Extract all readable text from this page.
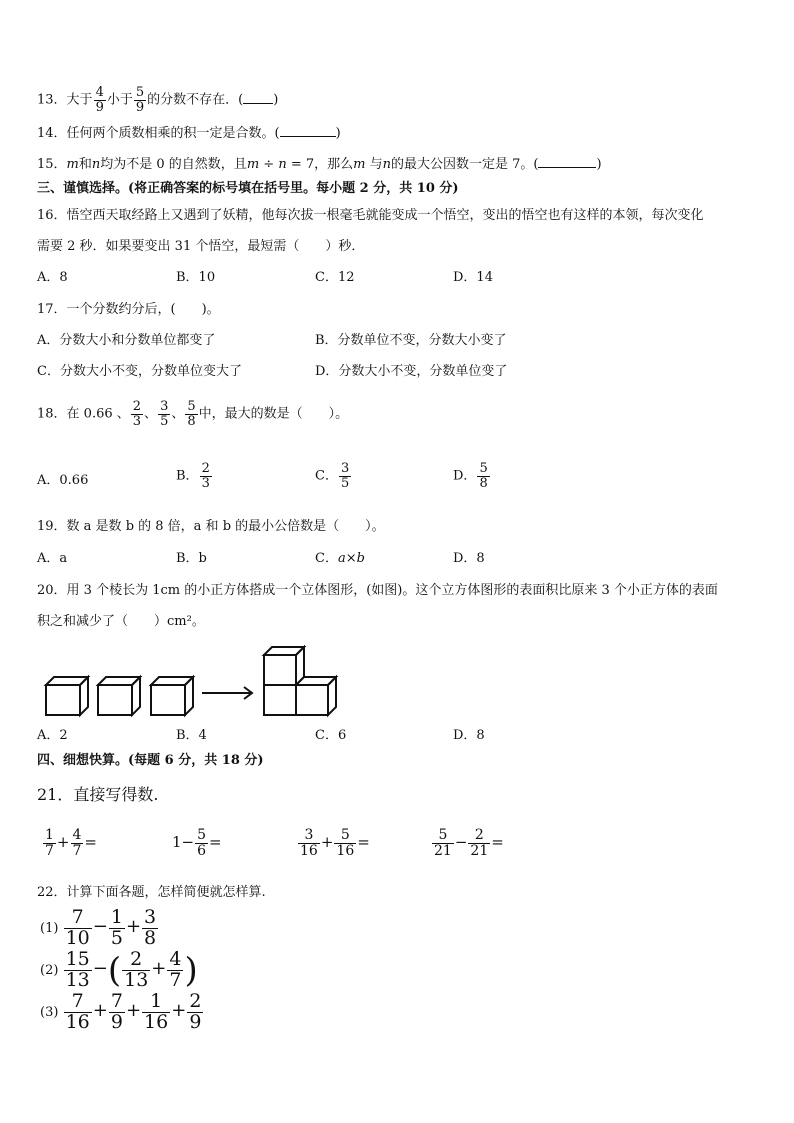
13．大于 $\frac{4}{9}$ 小于 $\frac{5}{9}$ 的分数不存在．( )
14．任何两个质数相乘的积一定是合数。(	)
15．m和n均为不是 0 的自然数，且m ÷ n = 7，那么m 与n的最大公因数一定是 7。(	)
三、谨慎选择。(将正确答案的标号填在括号里。每小题 2 分，共 10 分)
16．悟空西天取经路上又遇到了妖精，他每次拔一根毫毛就能变成一个悟空，变出的悟空也有这样的本领，每次变化
需要 2 秒．如果要变出 31 个悟空，最短需（　　）秒．
A．8	B．10	C．12	D．14
17．一个分数约分后，(　　)。
A．分数大小和分数单位都变了	B．分数单位不变，分数大小变了
C．分数大小不变，分数单位变大了	D．分数大小不变，分数单位变了
18．在 0.66 、 $\frac{2}{3}$ 、 $\frac{3}{5}$ 、 $\frac{5}{8}$ 中，最大的数是（　　）。
A．0.66	B． $\frac{2}{3}$	C． $\frac{3}{5}$	D． $\frac{5}{8}$
19．数 a 是数 b 的 8 倍，a 和 b 的最小公倍数是（　　）。
A．a	B．b	C．a×b	D．8
20．用 3 个棱长为 1cm 的小正方体搭成一个立体图形，(如图)。这个立方体图形的表面积比原来 3 个小正方体的表面
积之和减少了（　　）cm²。
A．2	B．4	C．6	D．8
四、细想快算。(每题 6 分，共 18 分)
21．直接写得数.
$\frac{1}{7} + \frac{4}{7}$ =	$1- \frac{5}{6}$ =	$\frac{3}{16} + \frac{5}{16}$ =	$\frac{5}{21} - \frac{2}{21}$ =
22．计算下面各题，怎样简便就怎样算.
$(1) \frac{7}{10} - \frac{1}{5} + \frac{3}{8}$
$(2) \frac{15}{13}$ −( $\frac{2}{13} + \frac{4}{7}$ )
$(3) \frac{7}{16} + \frac{7}{9} + \frac{1}{16} + \frac{2}{9}$
